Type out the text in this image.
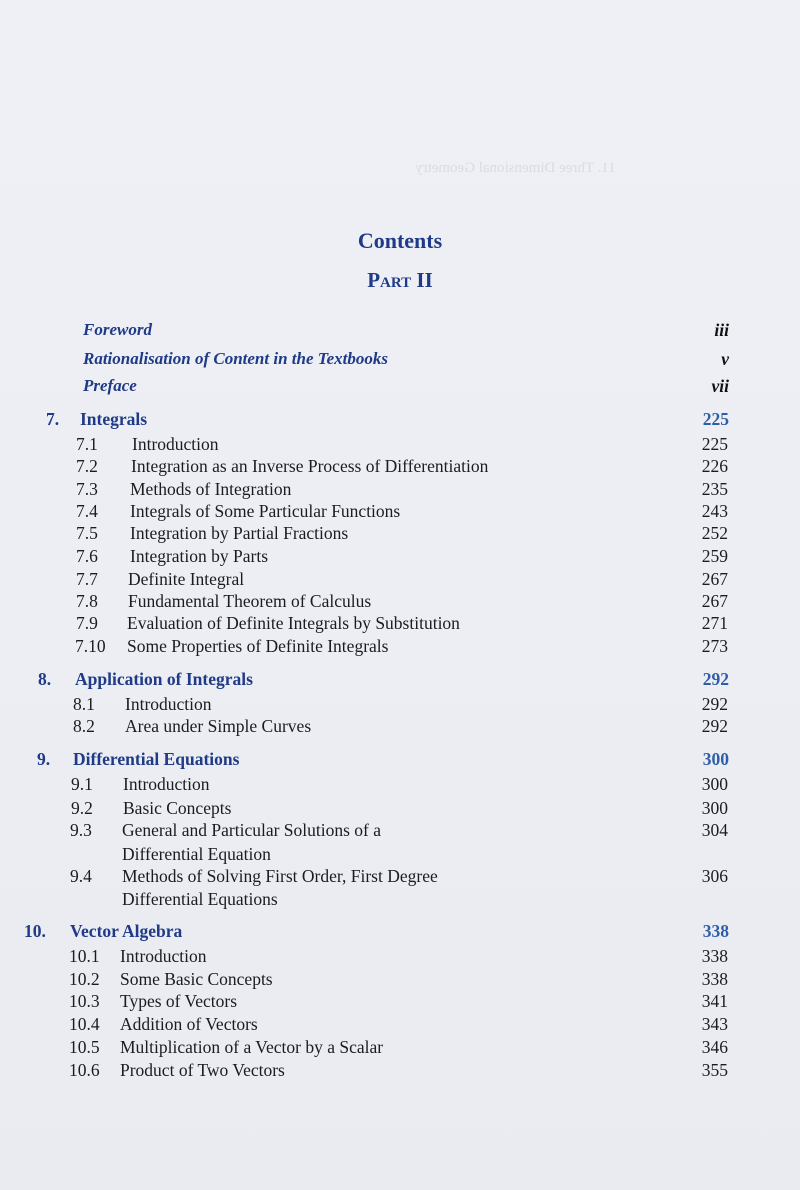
11. Three Dimensional Geometry
Contents
Part II
Foreword	iii
Rationalisation of Content in the Textbooks	v
Preface	vii
7. Integrals	225
7.1 Introduction	225
7.2 Integration as an Inverse Process of Differentiation	226
7.3 Methods of Integration	235
7.4 Integrals of Some Particular Functions	243
7.5 Integration by Partial Fractions	252
7.6 Integration by Parts	259
7.7 Definite Integral	267
7.8 Fundamental Theorem of Calculus	267
7.9 Evaluation of Definite Integrals by Substitution	271
7.10 Some Properties of Definite Integrals	273
8. Application of Integrals	292
8.1 Introduction	292
8.2 Area under Simple Curves	292
9. Differential Equations	300
9.1 Introduction	300
9.2 Basic Concepts	300
9.3 General and Particular Solutions of a	304
Differential Equation
9.4 Methods of Solving First Order, First Degree	306
Differential Equations
10. Vector Algebra	338
10.1 Introduction	338
10.2 Some Basic Concepts	338
10.3 Types of Vectors	341
10.4 Addition of Vectors	343
10.5 Multiplication of a Vector by a Scalar	346
10.6 Product of Two Vectors	355
